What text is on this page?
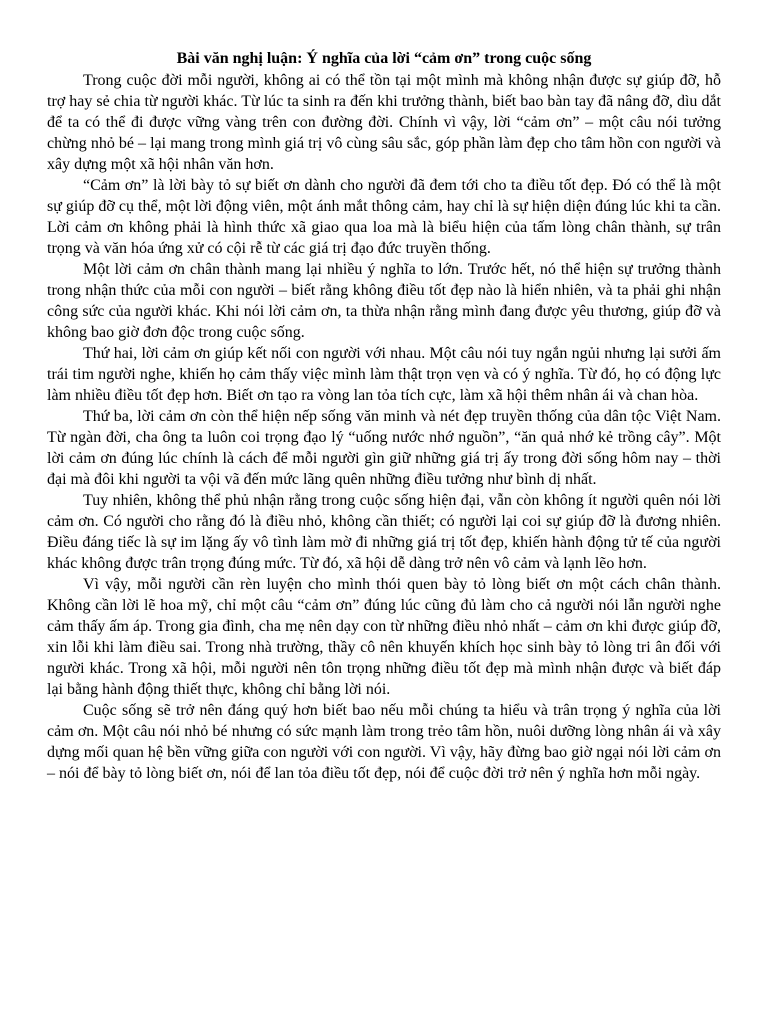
Bài văn nghị luận: Ý nghĩa của lời “cảm ơn” trong cuộc sống

Trong cuộc đời mỗi người, không ai có thể tồn tại một mình mà không nhận được sự giúp đỡ, hỗ trợ hay sẻ chia từ người khác. Từ lúc ta sinh ra đến khi trưởng thành, biết bao bàn tay đã nâng đỡ, dìu dắt để ta có thể đi được vững vàng trên con đường đời. Chính vì vậy, lời “cảm ơn” – một câu nói tưởng chừng nhỏ bé – lại mang trong mình giá trị vô cùng sâu sắc, góp phần làm đẹp cho tâm hồn con người và xây dựng một xã hội nhân văn hơn.

“Cảm ơn” là lời bày tỏ sự biết ơn dành cho người đã đem tới cho ta điều tốt đẹp. Đó có thể là một sự giúp đỡ cụ thể, một lời động viên, một ánh mắt thông cảm, hay chỉ là sự hiện diện đúng lúc khi ta cần. Lời cảm ơn không phải là hình thức xã giao qua loa mà là biểu hiện của tấm lòng chân thành, sự trân trọng và văn hóa ứng xử có cội rễ từ các giá trị đạo đức truyền thống.

Một lời cảm ơn chân thành mang lại nhiều ý nghĩa to lớn. Trước hết, nó thể hiện sự trưởng thành trong nhận thức của mỗi con người – biết rằng không điều tốt đẹp nào là hiển nhiên, và ta phải ghi nhận công sức của người khác. Khi nói lời cảm ơn, ta thừa nhận rằng mình đang được yêu thương, giúp đỡ và không bao giờ đơn độc trong cuộc sống.

Thứ hai, lời cảm ơn giúp kết nối con người với nhau. Một câu nói tuy ngắn ngủi nhưng lại sưởi ấm trái tim người nghe, khiến họ cảm thấy việc mình làm thật trọn vẹn và có ý nghĩa. Từ đó, họ có động lực làm nhiều điều tốt đẹp hơn. Biết ơn tạo ra vòng lan tỏa tích cực, làm xã hội thêm nhân ái và chan hòa.

Thứ ba, lời cảm ơn còn thể hiện nếp sống văn minh và nét đẹp truyền thống của dân tộc Việt Nam. Từ ngàn đời, cha ông ta luôn coi trọng đạo lý “uống nước nhớ nguồn”, “ăn quả nhớ kẻ trồng cây”. Một lời cảm ơn đúng lúc chính là cách để mỗi người gìn giữ những giá trị ấy trong đời sống hôm nay – thời đại mà đôi khi người ta vội vã đến mức lãng quên những điều tưởng như bình dị nhất.

Tuy nhiên, không thể phủ nhận rằng trong cuộc sống hiện đại, vẫn còn không ít người quên nói lời cảm ơn. Có người cho rằng đó là điều nhỏ, không cần thiết; có người lại coi sự giúp đỡ là đương nhiên. Điều đáng tiếc là sự im lặng ấy vô tình làm mờ đi những giá trị tốt đẹp, khiến hành động tử tế của người khác không được trân trọng đúng mức. Từ đó, xã hội dễ dàng trở nên vô cảm và lạnh lẽo hơn.

Vì vậy, mỗi người cần rèn luyện cho mình thói quen bày tỏ lòng biết ơn một cách chân thành. Không cần lời lẽ hoa mỹ, chỉ một câu “cảm ơn” đúng lúc cũng đủ làm cho cả người nói lẫn người nghe cảm thấy ấm áp. Trong gia đình, cha mẹ nên dạy con từ những điều nhỏ nhất – cảm ơn khi được giúp đỡ, xin lỗi khi làm điều sai. Trong nhà trường, thầy cô nên khuyến khích học sinh bày tỏ lòng tri ân đối với người khác. Trong xã hội, mỗi người nên tôn trọng những điều tốt đẹp mà mình nhận được và biết đáp lại bằng hành động thiết thực, không chỉ bằng lời nói.

Cuộc sống sẽ trở nên đáng quý hơn biết bao nếu mỗi chúng ta hiểu và trân trọng ý nghĩa của lời cảm ơn. Một câu nói nhỏ bé nhưng có sức mạnh làm trong trẻo tâm hồn, nuôi dưỡng lòng nhân ái và xây dựng mối quan hệ bền vững giữa con người với con người. Vì vậy, hãy đừng bao giờ ngại nói lời cảm ơn – nói để bày tỏ lòng biết ơn, nói để lan tỏa điều tốt đẹp, nói để cuộc đời trở nên ý nghĩa hơn mỗi ngày.
